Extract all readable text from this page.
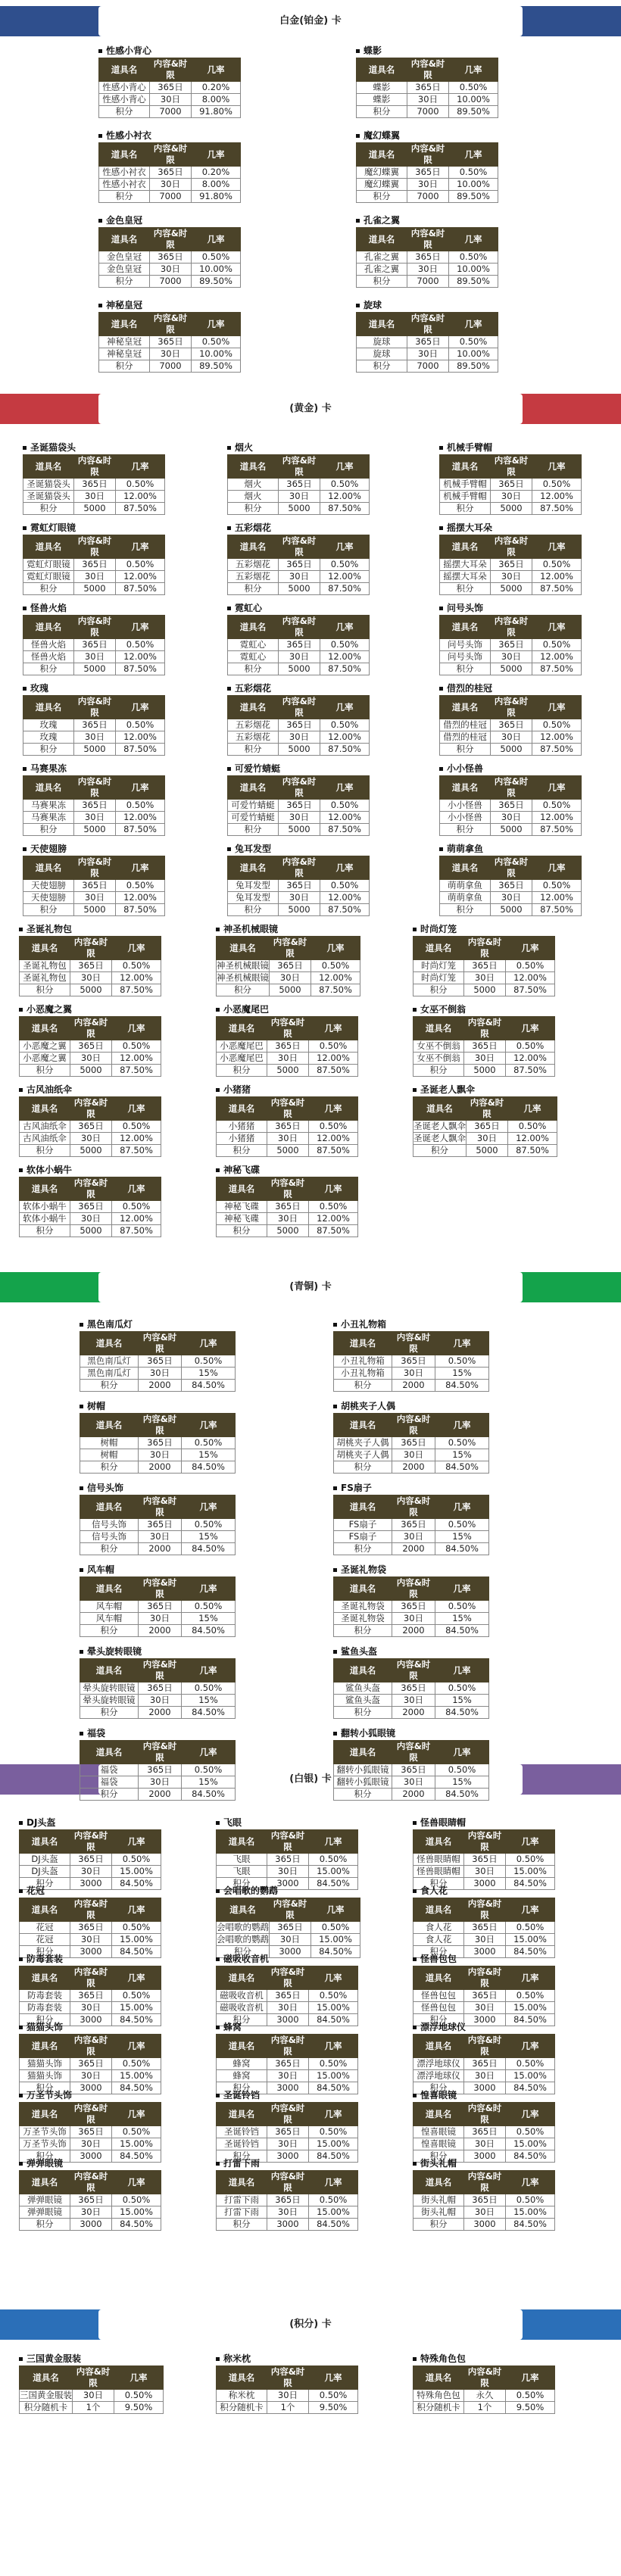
白金(铂金) 卡
(黄金) 卡
(青铜) 卡
(白银) 卡
(积分) 卡
性感小背心
道具名	内容&时限	几率
性感小背心	365日	0.20%
性感小背心	30日	8.00%
积分	7000	91.80%
蝶影
道具名	内容&时限	几率
蝶影	365日	0.50%
蝶影	30日	10.00%
积分	7000	89.50%
性感小衬衣
道具名	内容&时限	几率
性感小衬衣	365日	0.20%
性感小衬衣	30日	8.00%
积分	7000	91.80%
魔幻蝶翼
道具名	内容&时限	几率
魔幻蝶翼	365日	0.50%
魔幻蝶翼	30日	10.00%
积分	7000	89.50%
金色皇冠
道具名	内容&时限	几率
金色皇冠	365日	0.50%
金色皇冠	30日	10.00%
积分	7000	89.50%
孔雀之翼
道具名	内容&时限	几率
孔雀之翼	365日	0.50%
孔雀之翼	30日	10.00%
积分	7000	89.50%
神秘皇冠
道具名	内容&时限	几率
神秘皇冠	365日	0.50%
神秘皇冠	30日	10.00%
积分	7000	89.50%
旋球
道具名	内容&时限	几率
旋球	365日	0.50%
旋球	30日	10.00%
积分	7000	89.50%
圣诞猫袋头
道具名	内容&时限	几率
圣诞猫袋头	365日	0.50%
圣诞猫袋头	30日	12.00%
积分	5000	87.50%
烟火
道具名	内容&时限	几率
烟火	365日	0.50%
烟火	30日	12.00%
积分	5000	87.50%
机械手臂帽
道具名	内容&时限	几率
机械手臂帽	365日	0.50%
机械手臂帽	30日	12.00%
积分	5000	87.50%
霓虹灯眼镜
道具名	内容&时限	几率
霓虹灯眼镜	365日	0.50%
霓虹灯眼镜	30日	12.00%
积分	5000	87.50%
五彩烟花
道具名	内容&时限	几率
五彩烟花	365日	0.50%
五彩烟花	30日	12.00%
积分	5000	87.50%
摇摆大耳朵
道具名	内容&时限	几率
摇摆大耳朵	365日	0.50%
摇摆大耳朵	30日	12.00%
积分	5000	87.50%
怪兽火焰
道具名	内容&时限	几率
怪兽火焰	365日	0.50%
怪兽火焰	30日	12.00%
积分	5000	87.50%
霓虹心
道具名	内容&时限	几率
霓虹心	365日	0.50%
霓虹心	30日	12.00%
积分	5000	87.50%
问号头饰
道具名	内容&时限	几率
问号头饰	365日	0.50%
问号头饰	30日	12.00%
积分	5000	87.50%
玫瑰
道具名	内容&时限	几率
玫瑰	365日	0.50%
玫瑰	30日	12.00%
积分	5000	87.50%
五彩烟花
道具名	内容&时限	几率
五彩烟花	365日	0.50%
五彩烟花	30日	12.00%
积分	5000	87.50%
借烈的桂冠
道具名	内容&时限	几率
借烈的桂冠	365日	0.50%
借烈的桂冠	30日	12.00%
积分	5000	87.50%
马赛果冻
道具名	内容&时限	几率
马赛果冻	365日	0.50%
马赛果冻	30日	12.00%
积分	5000	87.50%
可爱竹蜻蜓
道具名	内容&时限	几率
可爱竹蜻蜓	365日	0.50%
可爱竹蜻蜓	30日	12.00%
积分	5000	87.50%
小小怪兽
道具名	内容&时限	几率
小小怪兽	365日	0.50%
小小怪兽	30日	12.00%
积分	5000	87.50%
天使翅膀
道具名	内容&时限	几率
天使翅膀	365日	0.50%
天使翅膀	30日	12.00%
积分	5000	87.50%
兔耳发型
道具名	内容&时限	几率
兔耳发型	365日	0.50%
兔耳发型	30日	12.00%
积分	5000	87.50%
萌萌拿鱼
道具名	内容&时限	几率
萌萌拿鱼	365日	0.50%
萌萌拿鱼	30日	12.00%
积分	5000	87.50%
圣诞礼物包
道具名	内容&时限	几率
圣诞礼物包	365日	0.50%
圣诞礼物包	30日	12.00%
积分	5000	87.50%
神圣机械眼镜
道具名	内容&时限	几率
神圣机械眼镜	365日	0.50%
神圣机械眼镜	30日	12.00%
积分	5000	87.50%
时尚灯笼
道具名	内容&时限	几率
时尚灯笼	365日	0.50%
时尚灯笼	30日	12.00%
积分	5000	87.50%
小恶魔之翼
道具名	内容&时限	几率
小恶魔之翼	365日	0.50%
小恶魔之翼	30日	12.00%
积分	5000	87.50%
小恶魔尾巴
道具名	内容&时限	几率
小恶魔尾巴	365日	0.50%
小恶魔尾巴	30日	12.00%
积分	5000	87.50%
女巫不倒翁
道具名	内容&时限	几率
女巫不倒翁	365日	0.50%
女巫不倒翁	30日	12.00%
积分	5000	87.50%
古风油纸伞
道具名	内容&时限	几率
古风油纸伞	365日	0.50%
古风油纸伞	30日	12.00%
积分	5000	87.50%
小猪猪
道具名	内容&时限	几率
小猪猪	365日	0.50%
小猪猪	30日	12.00%
积分	5000	87.50%
圣诞老人飘伞
道具名	内容&时限	几率
圣诞老人飘伞	365日	0.50%
圣诞老人飘伞	30日	12.00%
积分	5000	87.50%
软体小蜗牛
道具名	内容&时限	几率
软体小蜗牛	365日	0.50%
软体小蜗牛	30日	12.00%
积分	5000	87.50%
神秘飞碟
道具名	内容&时限	几率
神秘飞碟	365日	0.50%
神秘飞碟	30日	12.00%
积分	5000	87.50%
黑色南瓜灯
道具名	内容&时限	几率
黑色南瓜灯	365日	0.50%
黑色南瓜灯	30日	15%
积分	2000	84.50%
小丑礼物箱
道具名	内容&时限	几率
小丑礼物箱	365日	0.50%
小丑礼物箱	30日	15%
积分	2000	84.50%
树帽
道具名	内容&时限	几率
树帽	365日	0.50%
树帽	30日	15%
积分	2000	84.50%
胡桃夹子人偶
道具名	内容&时限	几率
胡桃夹子人偶	365日	0.50%
胡桃夹子人偶	30日	15%
积分	2000	84.50%
信号头饰
道具名	内容&时限	几率
信号头饰	365日	0.50%
信号头饰	30日	15%
积分	2000	84.50%
FS扇子
道具名	内容&时限	几率
FS扇子	365日	0.50%
FS扇子	30日	15%
积分	2000	84.50%
风车帽
道具名	内容&时限	几率
风车帽	365日	0.50%
风车帽	30日	15%
积分	2000	84.50%
圣诞礼物袋
道具名	内容&时限	几率
圣诞礼物袋	365日	0.50%
圣诞礼物袋	30日	15%
积分	2000	84.50%
晕头旋转眼镜
道具名	内容&时限	几率
晕头旋转眼镜	365日	0.50%
晕头旋转眼镜	30日	15%
积分	2000	84.50%
鲨鱼头盔
道具名	内容&时限	几率
鲨鱼头盔	365日	0.50%
鲨鱼头盔	30日	15%
积分	2000	84.50%
福袋
道具名	内容&时限	几率
福袋	365日	0.50%
福袋	30日	15%
积分	2000	84.50%
翻转小狐眼镜
道具名	内容&时限	几率
翻转小狐眼镜	365日	0.50%
翻转小狐眼镜	30日	15%
积分	2000	84.50%
DJ头盔
道具名	内容&时限	几率
DJ头盔	365日	0.50%
DJ头盔	30日	15.00%
积分	3000	84.50%
飞眼
道具名	内容&时限	几率
飞眼	365日	0.50%
飞眼	30日	15.00%
积分	3000	84.50%
怪兽眼睛帽
道具名	内容&时限	几率
怪兽眼睛帽	365日	0.50%
怪兽眼睛帽	30日	15.00%
积分	3000	84.50%
花冠
道具名	内容&时限	几率
花冠	365日	0.50%
花冠	30日	15.00%
积分	3000	84.50%
会唱歌的鹦鹉
道具名	内容&时限	几率
会唱歌的鹦鹉	365日	0.50%
会唱歌的鹦鹉	30日	15.00%
积分	3000	84.50%
食人花
道具名	内容&时限	几率
食人花	365日	0.50%
食人花	30日	15.00%
积分	3000	84.50%
防毒套装
道具名	内容&时限	几率
防毒套装	365日	0.50%
防毒套装	30日	15.00%
积分	3000	84.50%
磁吸收音机
道具名	内容&时限	几率
磁吸收音机	365日	0.50%
磁吸收音机	30日	15.00%
积分	3000	84.50%
怪兽包包
道具名	内容&时限	几率
怪兽包包	365日	0.50%
怪兽包包	30日	15.00%
积分	3000	84.50%
猫猫头饰
道具名	内容&时限	几率
猫猫头饰	365日	0.50%
猫猫头饰	30日	15.00%
积分	3000	84.50%
蜂窝
道具名	内容&时限	几率
蜂窝	365日	0.50%
蜂窝	30日	15.00%
积分	3000	84.50%
漂浮地球仪
道具名	内容&时限	几率
漂浮地球仪	365日	0.50%
漂浮地球仪	30日	15.00%
积分	3000	84.50%
万圣节头饰
道具名	内容&时限	几率
万圣节头饰	365日	0.50%
万圣节头饰	30日	15.00%
积分	3000	84.50%
圣诞铃铛
道具名	内容&时限	几率
圣诞铃铛	365日	0.50%
圣诞铃铛	30日	15.00%
积分	3000	84.50%
惶喜眼镜
道具名	内容&时限	几率
惶喜眼镜	365日	0.50%
惶喜眼镜	30日	15.00%
积分	3000	84.50%
弹弹眼镜
道具名	内容&时限	几率
弹弹眼镜	365日	0.50%
弹弹眼镜	30日	15.00%
积分	3000	84.50%
打雷下雨
道具名	内容&时限	几率
打雷下雨	365日	0.50%
打雷下雨	30日	15.00%
积分	3000	84.50%
街头礼帽
道具名	内容&时限	几率
街头礼帽	365日	0.50%
街头礼帽	30日	15.00%
积分	3000	84.50%
三国黄金服装
道具名	内容&时限	几率
三国黄金服装	30日	0.50%
积分随机卡	1个	9.50%
称米枕
道具名	内容&时限	几率
称米枕	30日	0.50%
积分随机卡	1个	9.50%
特殊角色包
道具名	内容&时限	几率
特殊角色包	永久	0.50%
积分随机卡	1个	9.50%
